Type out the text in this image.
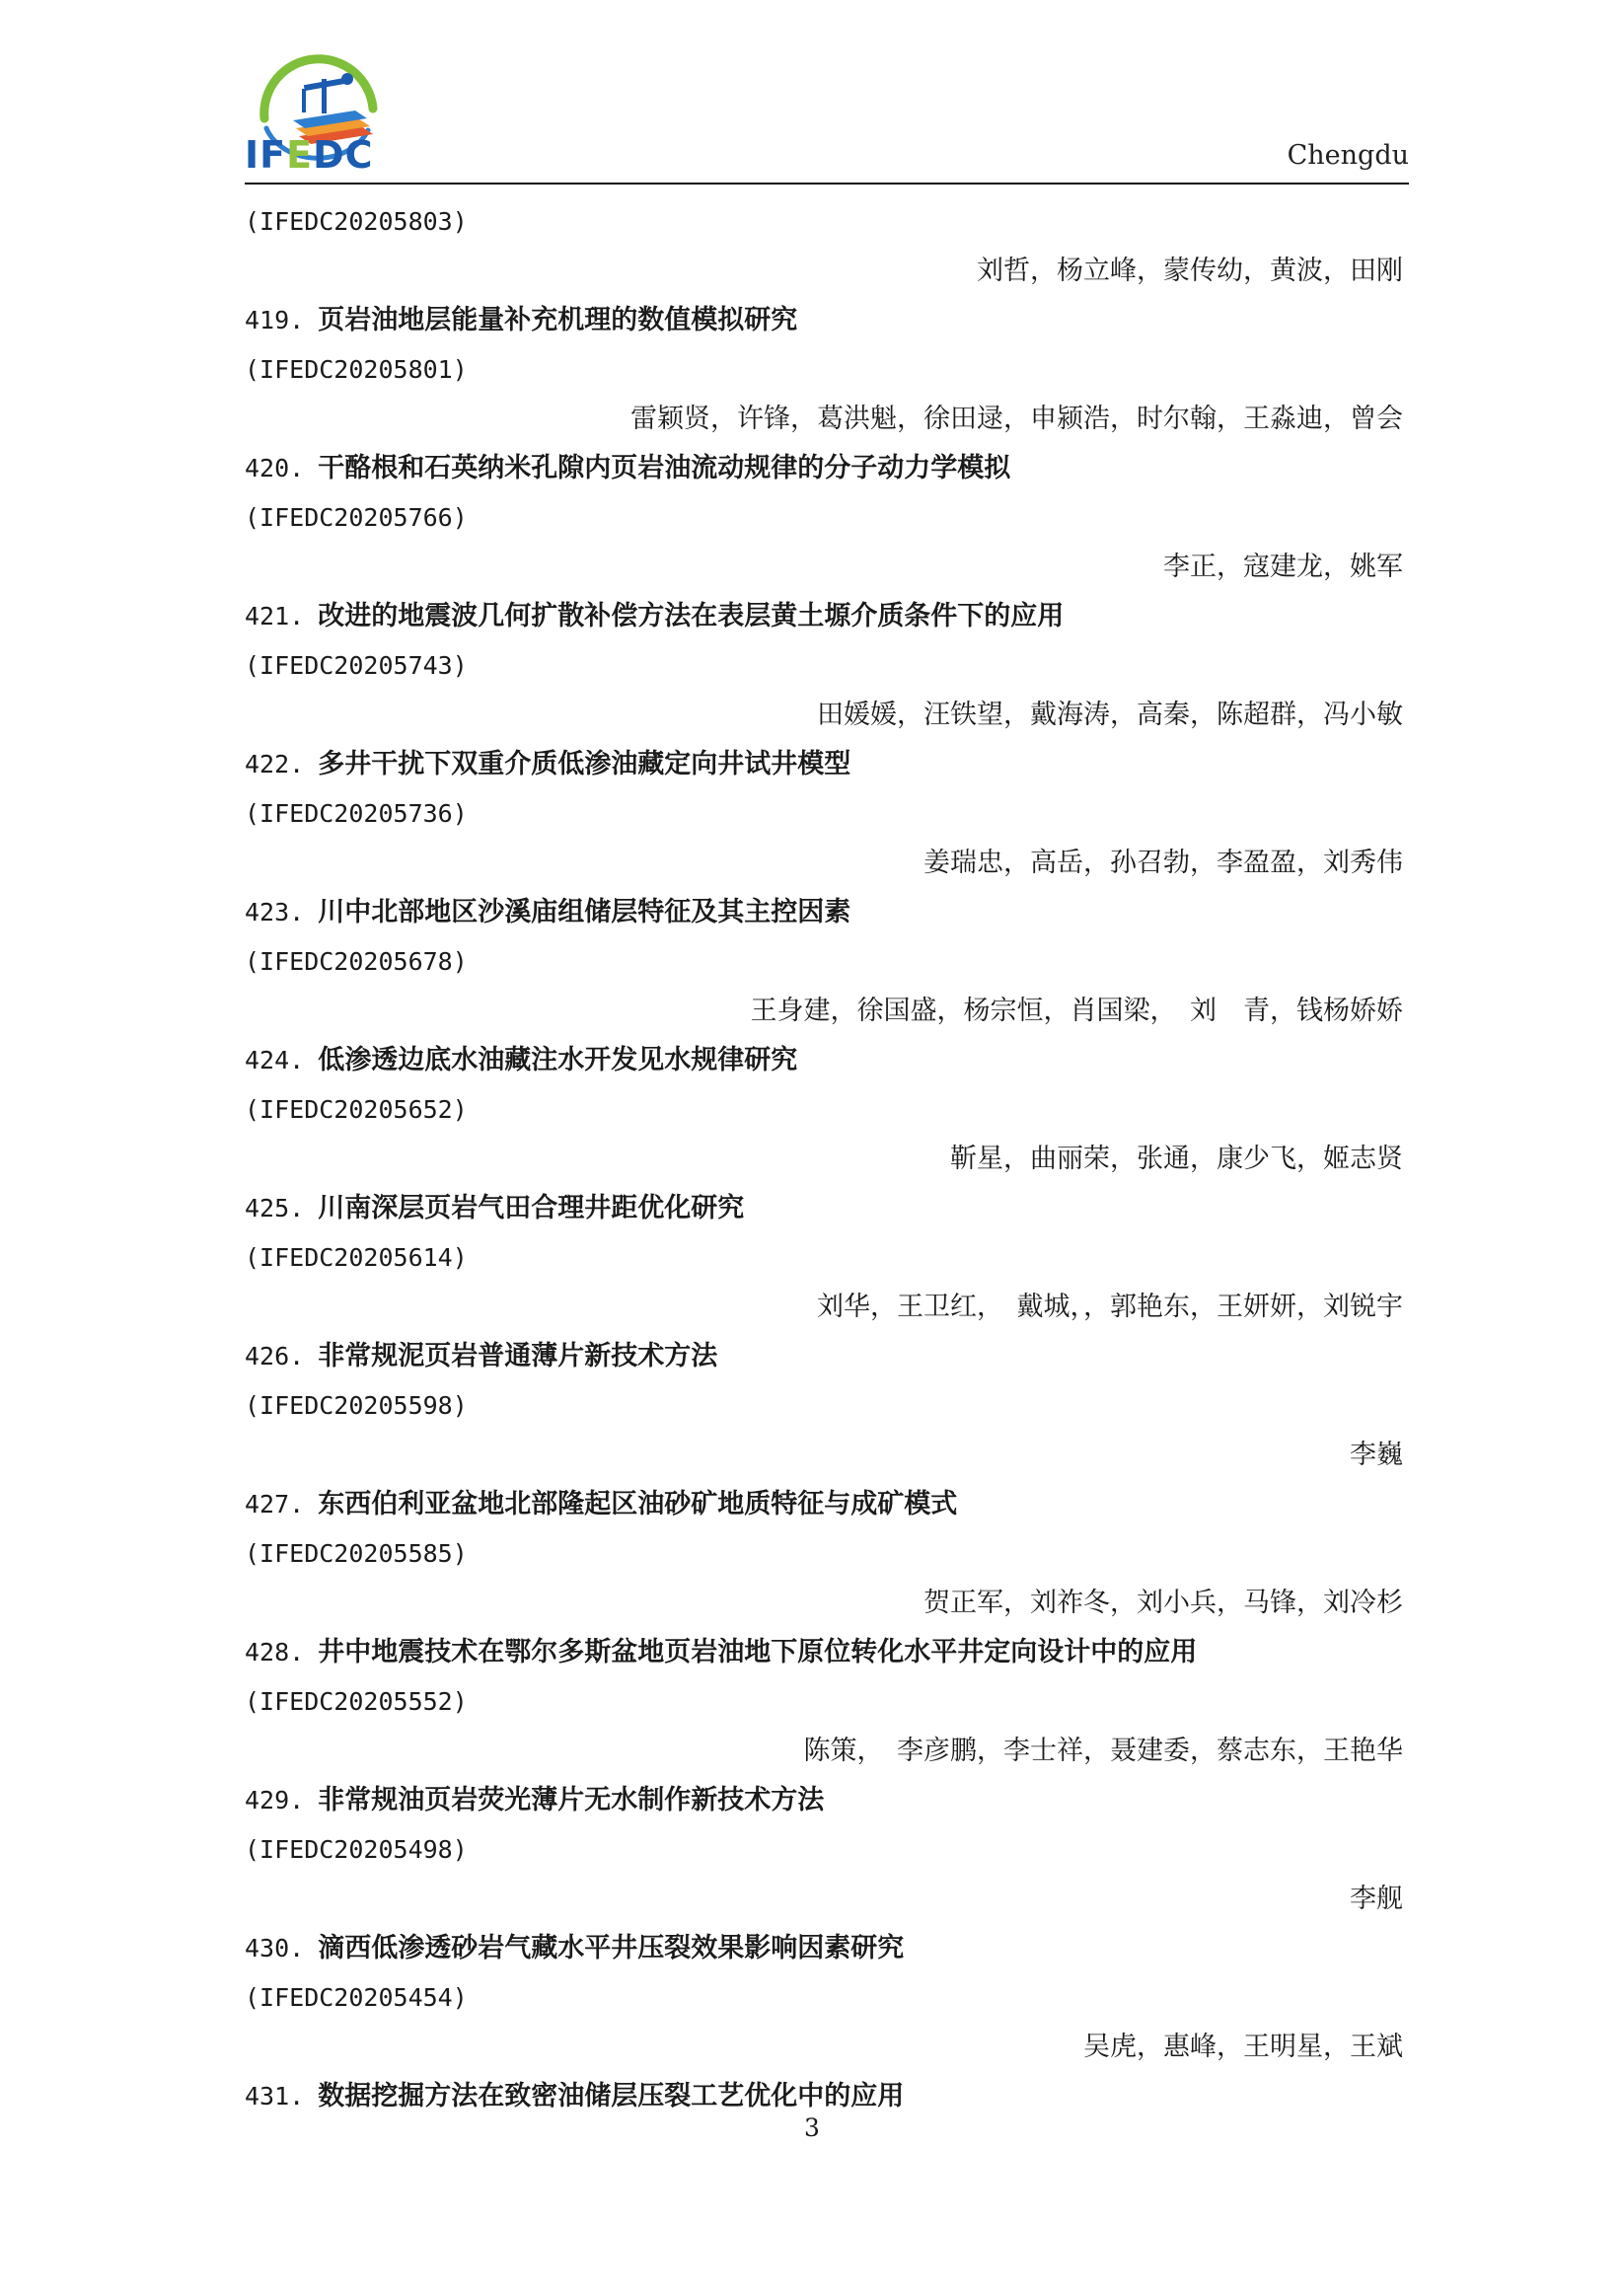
IFEDC	Chengdu
(IFEDC20205803)
刘哲，杨立峰，蒙传幼，黄波，田刚
419. 页岩油地层能量补充机理的数值模拟研究
(IFEDC20205801)
雷颖贤，许锋，葛洪魁，徐田逯，申颍浩，时尔翰，王淼迪，曾会
420. 干酪根和石英纳米孔隙内页岩油流动规律的分子动力学模拟
(IFEDC20205766)
李正，寇建龙，姚军
421. 改进的地震波几何扩散补偿方法在表层黄土塬介质条件下的应用
(IFEDC20205743)
田媛媛，汪铁望，戴海涛，高秦，陈超群，冯小敏
422. 多井干扰下双重介质低渗油藏定向井试井模型
(IFEDC20205736)
姜瑞忠，高岳，孙召勃，李盈盈，刘秀伟
423. 川中北部地区沙溪庙组储层特征及其主控因素
(IFEDC20205678)
王身建，徐国盛，杨宗恒，肖国梁，　刘　青，钱杨娇娇
424. 低渗透边底水油藏注水开发见水规律研究
(IFEDC20205652)
靳星，曲丽荣，张通，康少飞，姬志贤
425. 川南深层页岩气田合理井距优化研究
(IFEDC20205614)
刘华，王卫红，　戴城，，郭艳东，王妍妍，刘锐宇
426. 非常规泥页岩普通薄片新技术方法
(IFEDC20205598)
李巍
427. 东西伯利亚盆地北部隆起区油砂矿地质特征与成矿模式
(IFEDC20205585)
贺正军，刘祚冬，刘小兵，马锋，刘冷杉
428. 井中地震技术在鄂尔多斯盆地页岩油地下原位转化水平井定向设计中的应用
(IFEDC20205552)
陈策，　李彦鹏，李士祥，聂建委，蔡志东，王艳华
429. 非常规油页岩荧光薄片无水制作新技术方法
(IFEDC20205498)
李舰
430. 滴西低渗透砂岩气藏水平井压裂效果影响因素研究
(IFEDC20205454)
吴虎，惠峰，王明星，王斌
431. 数据挖掘方法在致密油储层压裂工艺优化中的应用
3
